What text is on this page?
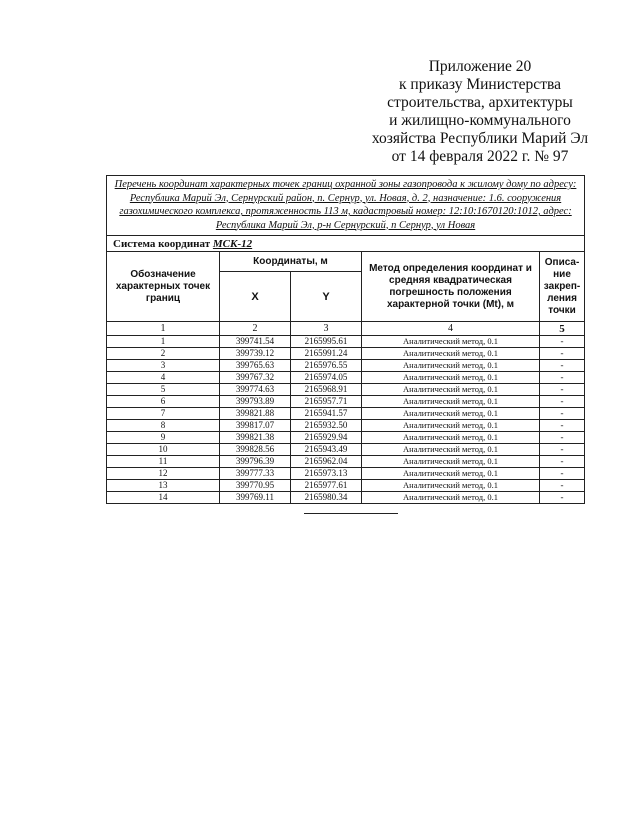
Приложение 20
к приказу Министерства
строительства, архитектуры
и жилищно-коммунального
хозяйства Республики Марий Эл
от 14 февраля 2022 г. № 97
Перечень координат характерных точек границ охранной зоны газопровода к жилому дому по адресу: Республика Марий Эл, Сернурский район, п. Сернур, ул. Новая, д. 2, назначение: 1.6. сооружения газохимического комплекса, протяженность 113 м, кадастровый номер: 12:10:1670120:1012, адрес: Республика Марий Эл, р-н Сернурский, п Сернур, ул Новая				
Система координат МСК-12				
Обозначение характерных точек границ	Координаты, м		Метод определения координат и средняя квадратическая погрешность положения характерной точки (Mt), м	Описа-ние закреп-ления точки
	X	Y		
1	2	3	4	5
1	399741.54	2165995.61	Аналитический метод, 0.1	-
2	399739.12	2165991.24	Аналитический метод, 0.1	-
3	399765.63	2165976.55	Аналитический метод, 0.1	-
4	399767.32	2165974.05	Аналитический метод, 0.1	-
5	399774.63	2165968.91	Аналитический метод, 0.1	-
6	399793.89	2165957.71	Аналитический метод, 0.1	-
7	399821.88	2165941.57	Аналитический метод, 0.1	-
8	399817.07	2165932.50	Аналитический метод, 0.1	-
9	399821.38	2165929.94	Аналитический метод, 0.1	-
10	399828.56	2165943.49	Аналитический метод, 0.1	-
11	399796.39	2165962.04	Аналитический метод, 0.1	-
12	399777.33	2165973.13	Аналитический метод, 0.1	-
13	399770.95	2165977.61	Аналитический метод, 0.1	-
14	399769.11	2165980.34	Аналитический метод, 0.1	-
